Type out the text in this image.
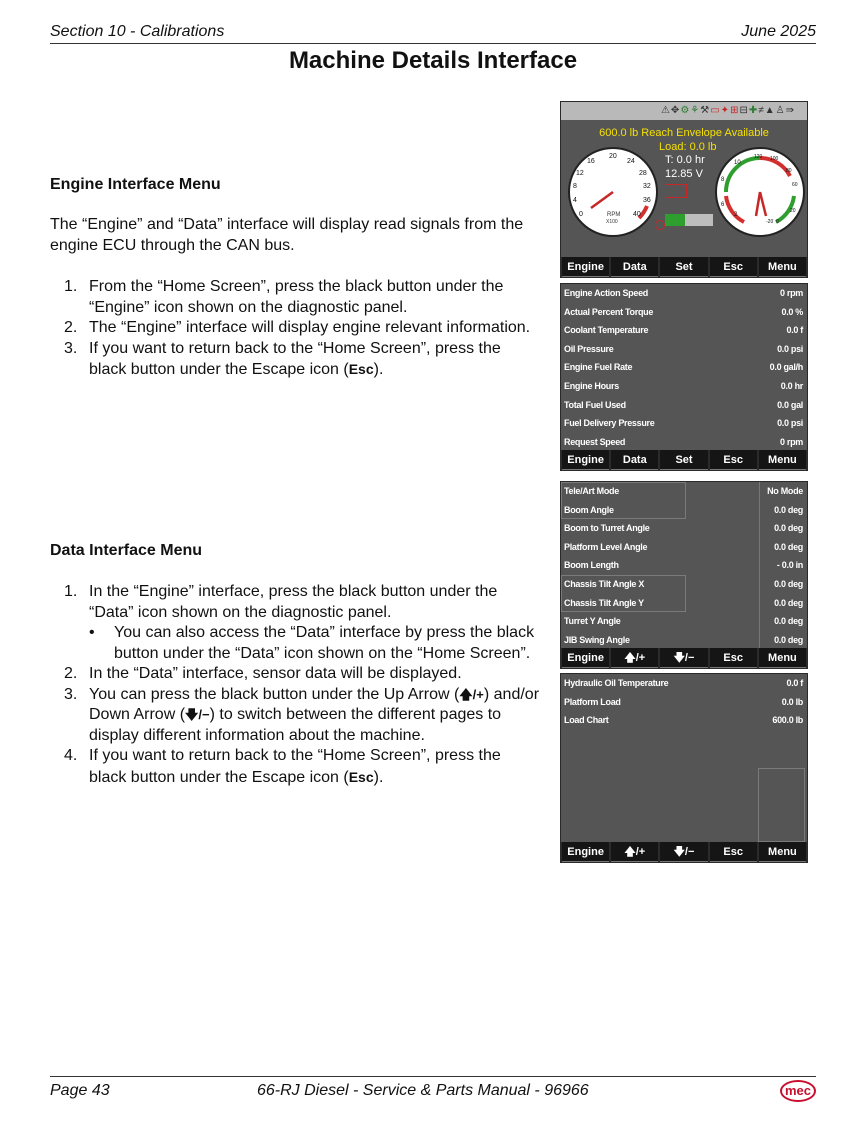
Section 10 - Calibrations	June 2025
Machine Details Interface
Engine Interface Menu
The “Engine” and “Data” interface will display read signals from the engine ECU through the CAN bus.
1. From the “Home Screen”, press the black button under the “Engine” icon shown on the diagnostic panel.
2. The “Engine” interface will display engine relevant information.
3. If you want to return back to the “Home Screen”, press the black button under the Escape icon (Esc).
Data Interface Menu
1. In the “Engine” interface, press the black button under the “Data” icon shown on the diagnostic panel.
• You can also access the “Data” interface by press the black button under the “Data” icon shown on the “Home Screen”.
2. In the “Data” interface, sensor data will be displayed.
3. You can press the black button under the Up Arrow (🡅/+) and/or Down Arrow (🡇/−) to switch between the different pages to display different information about the machine.
4. If you want to return back to the “Home Screen”, press the black button under the Escape icon (Esc).
⚠✥⚙⚘⚒▭✦⊞⊟✚≠▲♙⇛
600.0 lb Reach Envelope Available
Load: 0.0 lb
T: 0.0 hr
12.85 V
0
4
8
12
16
20
24
28
32
36
40
RPM
X100
6
8
10
120 100
80
60
20
0
-20
2
Engine	Data	Set	Esc	Menu
Engine Action Speed	0 rpm
Actual Percent Torque	0.0 %
Coolant Temperature	0.0 f
Oil Pressure	0.0 psi
Engine Fuel Rate	0.0 gal/h
Engine Hours	0.0 hr
Total Fuel Used	0.0 gal
Fuel Delivery Pressure	0.0 psi
Request Speed	0 rpm
Engine	Data	Set	Esc	Menu
Tele/Art Mode	No Mode
Boom Angle	0.0 deg
Boom to Turret Angle	0.0 deg
Platform Level Angle	0.0 deg
Boom Length	- 0.0 in
Chassis Tilt Angle X	0.0 deg
Chassis Tilt Angle Y	0.0 deg
Turret Y Angle	0.0 deg
JIB Swing Angle	0.0 deg
Engine	🡅/+	🡇/−	Esc	Menu
Hydraulic Oil Temperature	0.0 f
Platform Load	0.0 lb
Load Chart	600.0 lb
Engine	🡅/+	🡇/−	Esc	Menu
Page 43	66-RJ Diesel - Service & Parts Manual - 96966	mec
